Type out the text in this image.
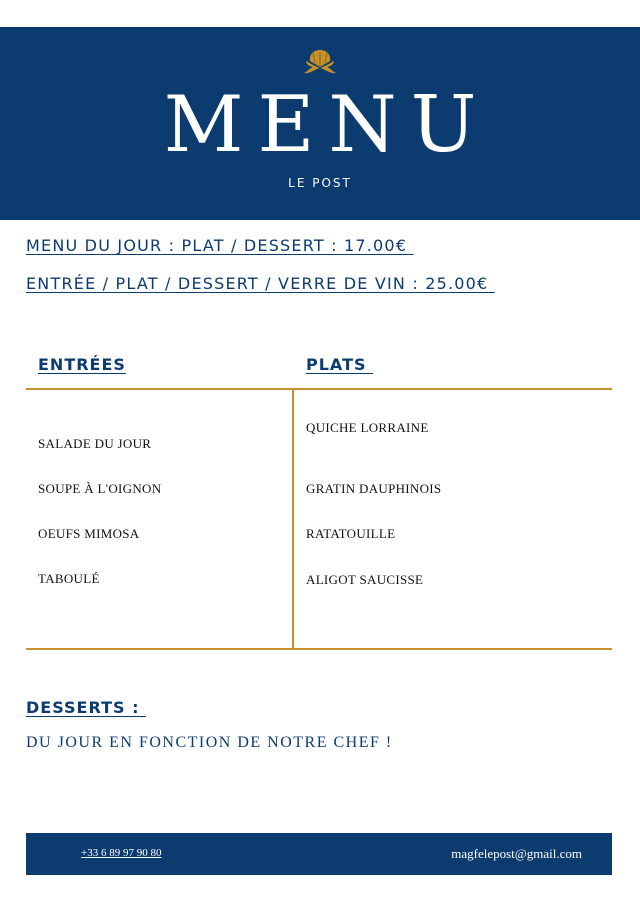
MENU
LE POST
MENU DU JOUR : PLAT / DESSERT : 17.00€
ENTRÉE / PLAT / DESSERT / VERRE DE VIN : 25.00€
ENTRÉES	PLATS
SALADE DU JOUR
SOUPE À L'OIGNON
OEUFS MIMOSA
TABOULÉ
QUICHE LORRAINE
GRATIN DAUPHINOIS
RATATOUILLE
ALIGOT SAUCISSE
DESSERTS :
DU JOUR EN FONCTION DE NOTRE CHEF !
+33 6 89 97 90 80	magfelepost@gmail.com
